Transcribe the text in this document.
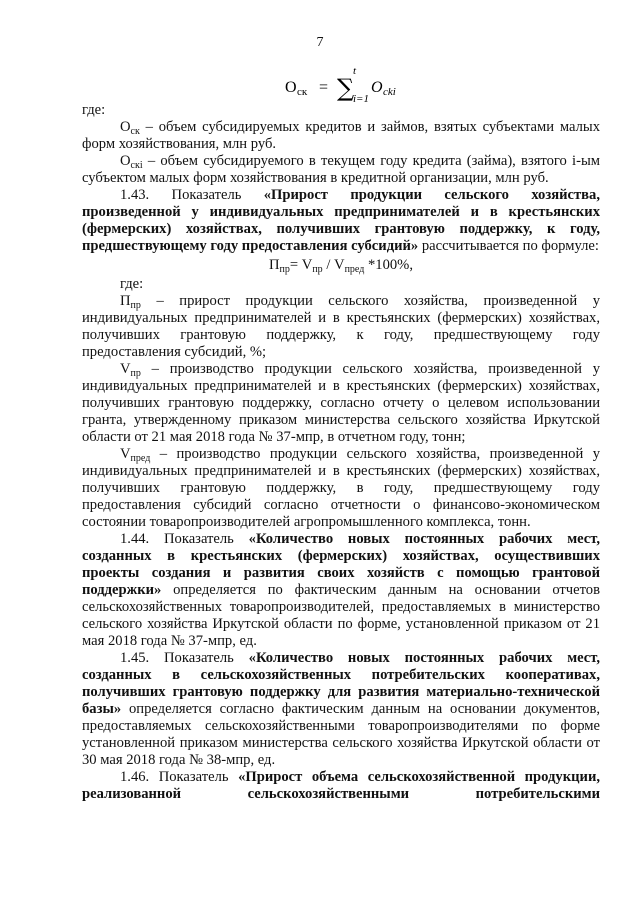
7
O ск = ∑
t
i=1
O cki

где:

$O_{ск}$ – объем субсидируемых кредитов и займов, взятых субъектами малых форм хозяйствования, млн руб.

$O_{скi}$ – объем субсидируемого в текущем году кредита (займа), взятого i-ым субъектом малых форм хозяйствования в кредитной организации, млн руб.

1.43. Показатель «Прирост продукции сельского хозяйства, произведенной у индивидуальных предпринимателей и в крестьянских (фермерских) хозяйствах, получивших грантовую поддержку, к году, предшествующему году предоставления субсидий» рассчитывается по формуле:

$П_{пр}= V_{пр} / V_{пред}$ *100%,

где:

$П_{пр}$ – прирост продукции сельского хозяйства, произведенной у индивидуальных предпринимателей и в крестьянских (фермерских) хозяйствах, получивших грантовую поддержку, к году, предшествующему году предоставления субсидий, %;

$V_{пр}$ – производство продукции сельского хозяйства, произведенной у индивидуальных предпринимателей и в крестьянских (фермерских) хозяйствах, получивших грантовую поддержку, согласно отчету о целевом использовании гранта, утвержденному приказом министерства сельского хозяйства Иркутской области от 21 мая 2018 года № 37-мпр, в отчетном году, тонн;

$V_{пред}$ – производство продукции сельского хозяйства, произведенной у индивидуальных предпринимателей и в крестьянских (фермерских) хозяйствах, получивших грантовую поддержку, в году, предшествующему году предоставления субсидий согласно отчетности о финансово-экономическом состоянии товаропроизводителей агропромышленного комплекса, тонн.

1.44. Показатель «Количество новых постоянных рабочих мест, созданных в крестьянских (фермерских) хозяйствах, осуществивших проекты создания и развития своих хозяйств с помощью грантовой поддержки» определяется по фактическим данным на основании отчетов сельскохозяйственных товаропроизводителей, предоставляемых в министерство сельского хозяйства Иркутской области по форме, установленной приказом от 21 мая 2018 года № 37-мпр, ед.

1.45. Показатель «Количество новых постоянных рабочих мест, созданных в сельскохозяйственных потребительских кооперативах, получивших грантовую поддержку для развития материально-технической базы» определяется согласно фактическим данным на основании документов, предоставляемых сельскохозяйственными товаропроизводителями по форме установленной приказом министерства сельского хозяйства Иркутской области от 30 мая 2018 года № 38-мпр, ед.

1.46. Показатель «Прирост объема сельскохозяйственной продукции, реализованной сельскохозяйственными потребительскими
